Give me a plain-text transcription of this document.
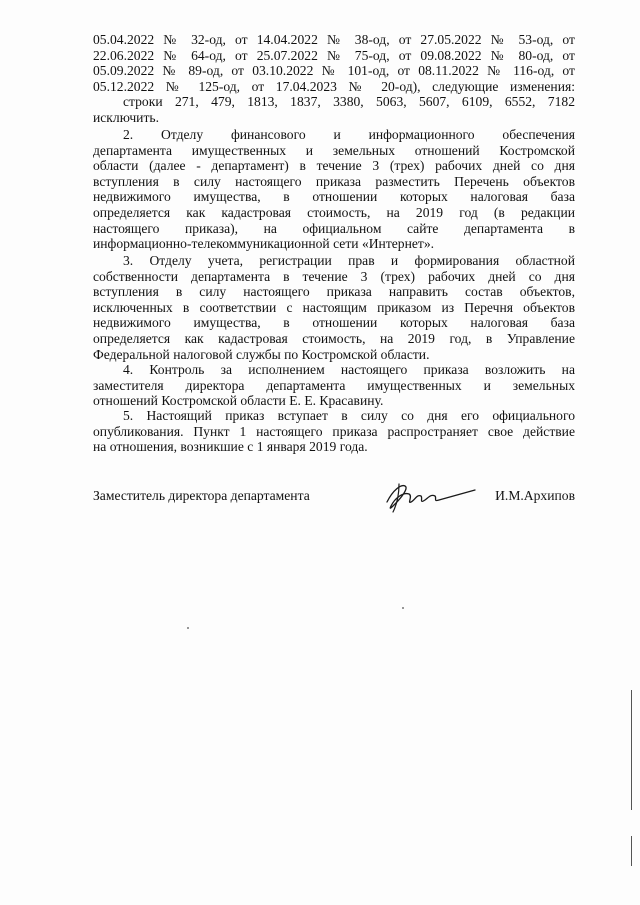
05.04.2022 № 32-од, от 14.04.2022 № 38-од, от 27.05.2022 № 53-од, от
22.06.2022 № 64-од, от 25.07.2022 № 75-од, от 09.08.2022 № 80-од, от
05.09.2022 № 89-од, от 03.10.2022 № 101-од, от 08.11.2022 № 116-од, от
05.12.2022 № 125-од, от 17.04.2023 № 20-од), следующие изменения:
строки 271, 479, 1813, 1837, 3380, 5063, 5607, 6109, 6552, 7182
исключить.
2. Отделу финансового и информационного обеспечения
департамента имущественных и земельных отношений Костромской
области (далее - департамент) в течение 3 (трех) рабочих дней со дня
вступления в силу настоящего приказа разместить Перечень объектов
недвижимого имущества, в отношении которых налоговая база
определяется как кадастровая стоимость, на 2019 год (в редакции
настоящего приказа), на официальном сайте департамента в
информационно-телекоммуникационной сети «Интернет».
3. Отделу учета, регистрации прав и формирования областной
собственности департамента в течение 3 (трех) рабочих дней со дня
вступления в силу настоящего приказа направить состав объектов,
исключенных в соответствии с настоящим приказом из Перечня объектов
недвижимого имущества, в отношении которых налоговая база
определяется как кадастровая стоимость, на 2019 год, в Управление
Федеральной налоговой службы по Костромской области.
4. Контроль за исполнением настоящего приказа возложить на
заместителя директора департамента имущественных и земельных
отношений Костромской области Е. Е. Красавину.
5. Настоящий приказ вступает в силу со дня его официального
опубликования. Пункт 1 настоящего приказа распространяет свое действие
на отношения, возникшие с 1 января 2019 года.
Заместитель директора департамента	И.М.Архипов
